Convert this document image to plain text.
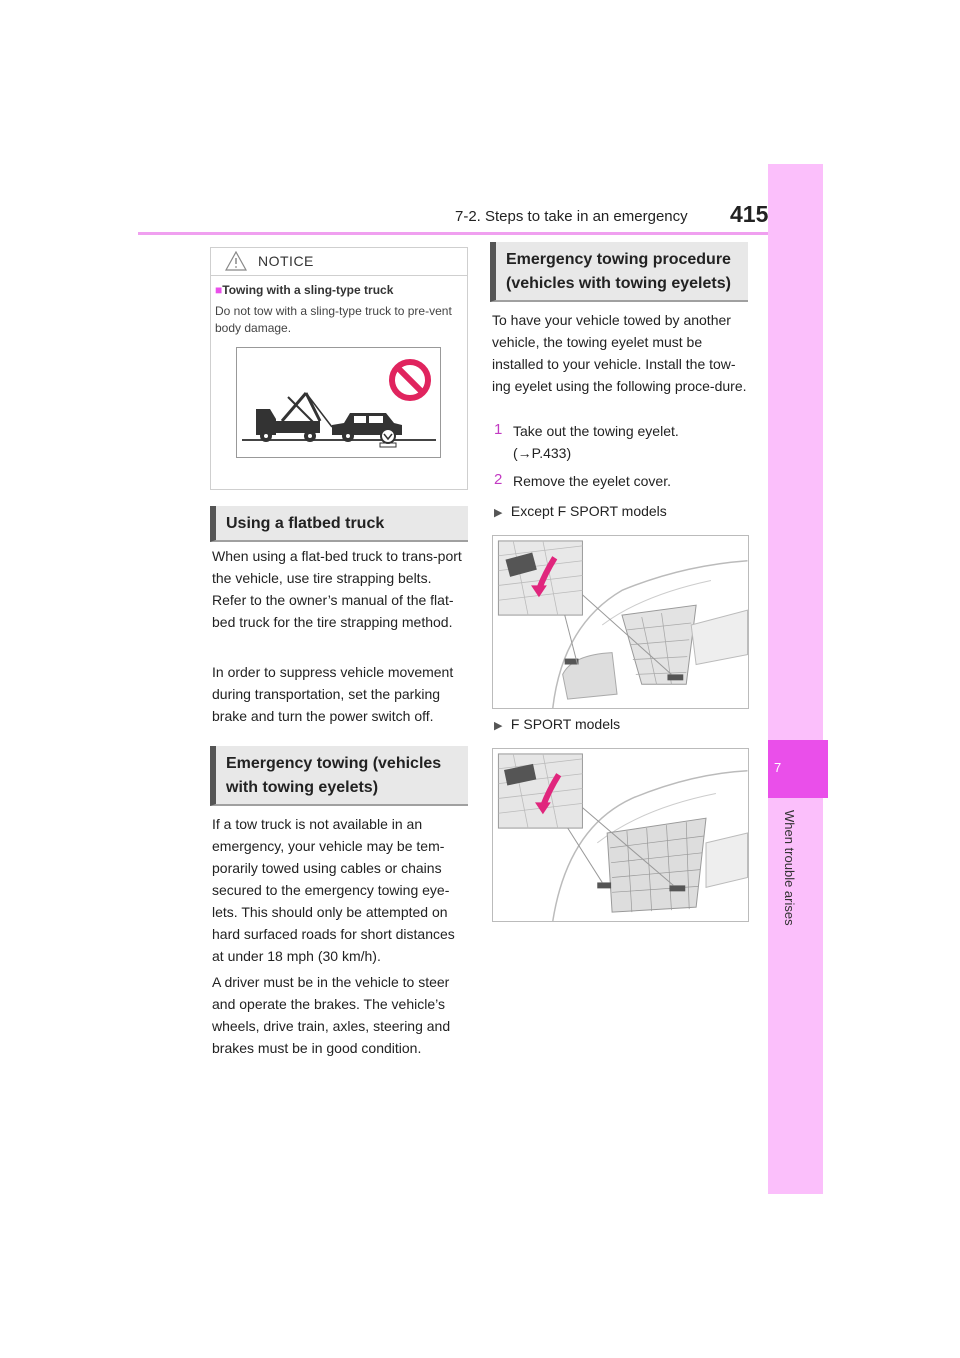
7-2. Steps to take in an emergency 415
7
When trouble arises
NOTICE
■Towing with a sling-type truck
Do not tow with a sling-type truck to pre-vent body damage.
Using a flatbed truck
When using a flat-bed truck to trans-port the vehicle, use tire strapping belts. Refer to the owner’s manual of the flat-bed truck for the tire strapping method.
In order to suppress vehicle movement during transportation, set the parking brake and turn the power switch off.
Emergency towing (vehicles with towing eyelets)
If a tow truck is not available in an emergency, your vehicle may be tem-porarily towed using cables or chains secured to the emergency towing eye-lets. This should only be attempted on hard surfaced roads for short distances at under 18 mph (30 km/h).
A driver must be in the vehicle to steer and operate the brakes. The vehicle’s wheels, drive train, axles, steering and brakes must be in good condition.
Emergency towing procedure (vehicles with towing eyelets)
To have your vehicle towed by another vehicle, the towing eyelet must be installed to your vehicle. Install the tow-ing eyelet using the following proce-dure.
1 Take out the towing eyelet.
(→P.433)
2 Remove the eyelet cover.
▶ Except F SPORT models
▶ F SPORT models
